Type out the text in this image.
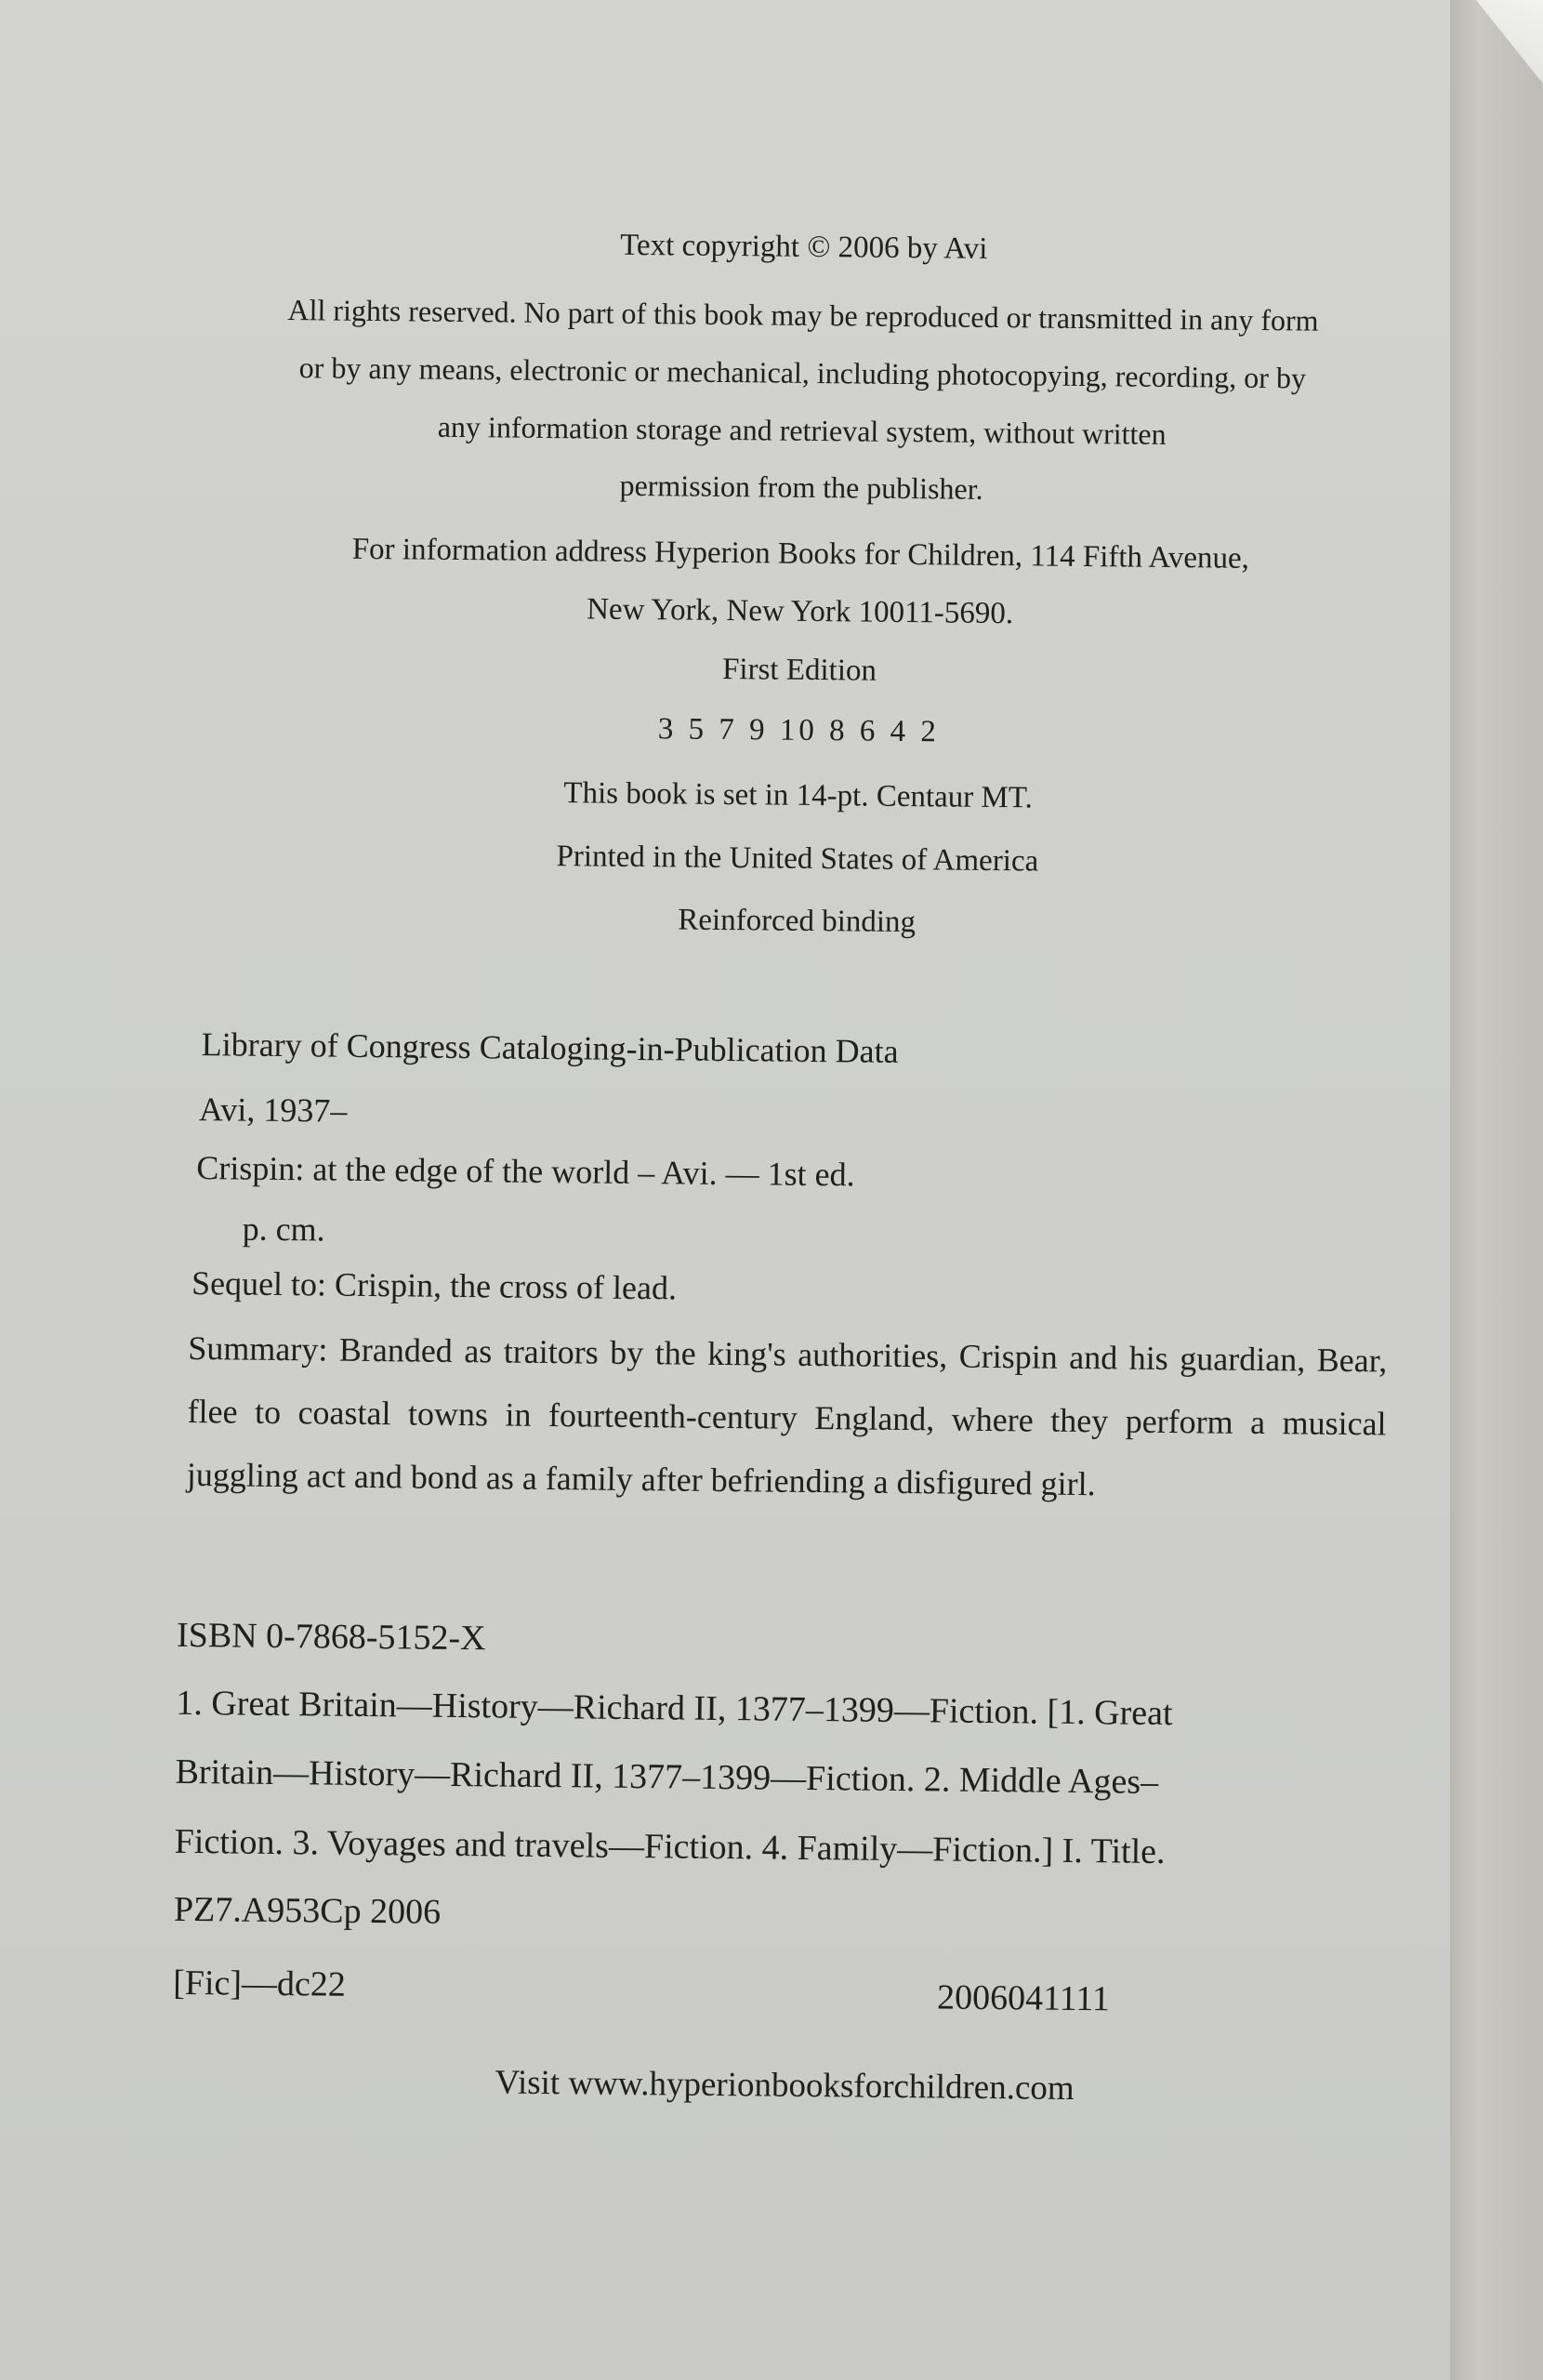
Text copyright © 2006 by Avi
All rights reserved. No part of this book may be reproduced or transmitted in any form
or by any means, electronic or mechanical, including photocopying, recording, or by
any information storage and retrieval system, without written
permission from the publisher.
For information address Hyperion Books for Children, 114 Fifth Avenue,
New York, New York 10011-5690.
First Edition
3 5 7 9 10 8 6 4 2
This book is set in 14-pt. Centaur MT.
Printed in the United States of America
Reinforced binding
Library of Congress Cataloging-in-Publication Data
Avi, 1937–
Crispin: at the edge of the world – Avi. — 1st ed.
p. cm.
Sequel to: Crispin, the cross of lead.
Summary: Branded as traitors by the king's authorities, Crispin and his guardian, Bear, flee to coastal towns in fourteenth-century England, where they perform a musical juggling act and bond as a family after befriending a disfigured girl.
ISBN 0-7868-5152-X
1. Great Britain—History—Richard II, 1377–1399—Fiction. [1. Great
Britain—History—Richard II, 1377–1399—Fiction. 2. Middle Ages–
Fiction. 3. Voyages and travels—Fiction. 4. Family—Fiction.] I. Title.
PZ7.A953Cp 2006
[Fic]—dc22	2006041111
Visit www.hyperionbooksforchildren.com
